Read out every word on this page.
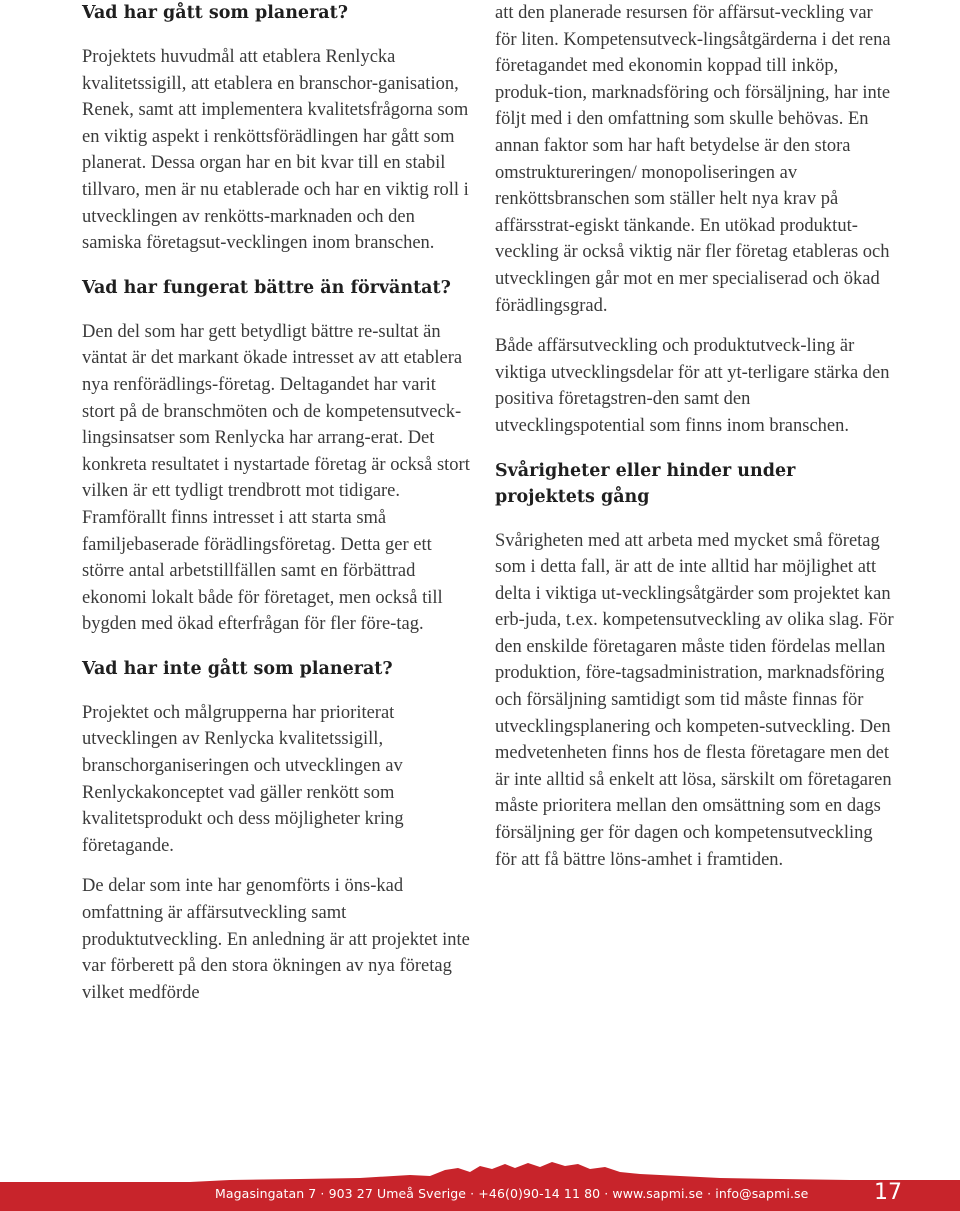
Vad har gått som planerat?

Projektets huvudmål att etablera Renlycka kvalitetssigill, att etablera en branschor-ganisation, Renek, samt att implementera kvalitetsfrågorna som en viktig aspekt i renköttsförädlingen har gått som planerat. Dessa organ har en bit kvar till en stabil tillvaro, men är nu etablerade och har en viktig roll i utvecklingen av renkötts-marknaden och den samiska företagsut-vecklingen inom branschen.

Vad har fungerat bättre än förväntat?

Den del som har gett betydligt bättre re-sultat än väntat är det markant ökade intresset av att etablera nya renförädlings-företag. Deltagandet har varit stort på de branschmöten och de kompetensutveck-lingsinsatser som Renlycka har arrang-erat. Det konkreta resultatet i nystartade företag är också stort vilken är ett tydligt trendbrott mot tidigare. Framförallt finns intresset i att starta små familjebaserade förädlingsföretag. Detta ger ett större antal arbetstillfällen samt en förbättrad ekonomi lokalt både för företaget, men också till bygden med ökad efterfrågan för fler före-tag.

Vad har inte gått som planerat?

Projektet och målgrupperna har prioriterat utvecklingen av Renlycka kvalitetssigill, branschorganiseringen och utvecklingen av Renlyckakonceptet vad gäller renkött som kvalitetsprodukt och dess möjligheter kring företagande.

De delar som inte har genomförts i öns-kad omfattning är affärsutveckling samt produktutveckling. En anledning är att projektet inte var förberett på den stora ökningen av nya företag vilket medförde

att den planerade resursen för affärsut-veckling var för liten. Kompetensutveck-lingsåtgärderna i det rena företagandet med ekonomin koppad till inköp, produk-tion, marknadsföring och försäljning, har inte följt med i den omfattning som skulle behövas. En annan faktor som har haft betydelse är den stora omstruktureringen/ monopoliseringen av renköttsbranschen som ställer helt nya krav på affärsstrat-egiskt tänkande. En utökad produktut-veckling är också viktig när fler företag etableras och utvecklingen går mot en mer specialiserad och ökad förädlingsgrad.

Både affärsutveckling och produktutveck-ling är viktiga utvecklingsdelar för att yt-terligare stärka den positiva företagstren-den samt den utvecklingspotential som finns inom branschen.

Svårigheter eller hinder under projektets gång

Svårigheten med att arbeta med mycket små företag som i detta fall, är att de inte alltid har möjlighet att delta i viktiga ut-vecklingsåtgärder som projektet kan erb-juda, t.ex. kompetensutveckling av olika slag. För den enskilde företagaren måste tiden fördelas mellan produktion, före-tagsadministration, marknadsföring och försäljning samtidigt som tid måste finnas för utvecklingsplanering och kompeten-sutveckling. Den medvetenheten finns hos de flesta företagare men det är inte alltid så enkelt att lösa, särskilt om företagaren måste prioritera mellan den omsättning som en dags försäljning ger för dagen och kompetensutveckling för att få bättre löns-amhet i framtiden.

Magasingatan 7 · 903 27 Umeå Sverige · +46(0)90-14 11 80 · www.sapmi.se · info@sapmi.se	17
